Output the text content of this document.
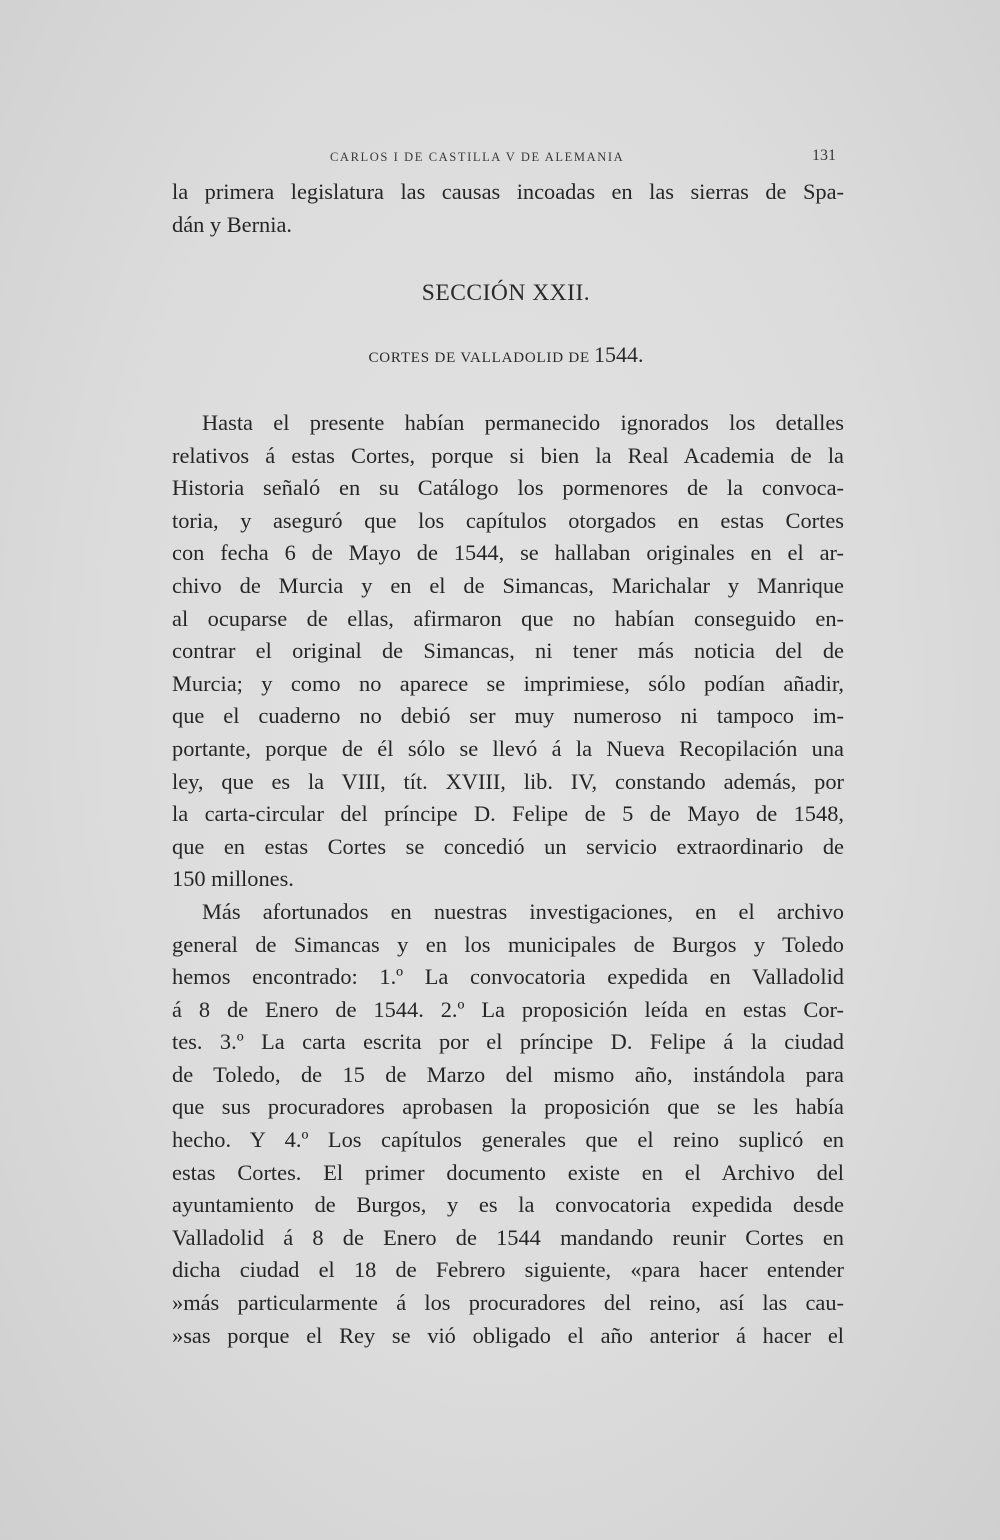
CARLOS I DE CASTILLA V DE ALEMANIA	131
la primera legislatura las causas incoadas en las sierras de Spa-
dán y Bernia.
SECCIÓN XXII.
CORTES DE VALLADOLID DE 1544.
Hasta el presente habían permanecido ignorados los detalles
relativos á estas Cortes, porque si bien la Real Academia de la
Historia señaló en su Catálogo los pormenores de la convoca-
toria, y aseguró que los capítulos otorgados en estas Cortes
con fecha 6 de Mayo de 1544, se hallaban originales en el ar-
chivo de Murcia y en el de Simancas, Marichalar y Manrique
al ocuparse de ellas, afirmaron que no habían conseguido en-
contrar el original de Simancas, ni tener más noticia del de
Murcia; y como no aparece se imprimiese, sólo podían añadir,
que el cuaderno no debió ser muy numeroso ni tampoco im-
portante, porque de él sólo se llevó á la Nueva Recopilación una
ley, que es la VIII, tít. XVIII, lib. IV, constando además, por
la carta-circular del príncipe D. Felipe de 5 de Mayo de 1548,
que en estas Cortes se concedió un servicio extraordinario de
150 millones.
Más afortunados en nuestras investigaciones, en el archivo
general de Simancas y en los municipales de Burgos y Toledo
hemos encontrado: 1.º La convocatoria expedida en Valladolid
á 8 de Enero de 1544. 2.º La proposición leída en estas Cor-
tes. 3.º La carta escrita por el príncipe D. Felipe á la ciudad
de Toledo, de 15 de Marzo del mismo año, instándola para
que sus procuradores aprobasen la proposición que se les había
hecho. Y 4.º Los capítulos generales que el reino suplicó en
estas Cortes. El primer documento existe en el Archivo del
ayuntamiento de Burgos, y es la convocatoria expedida desde
Valladolid á 8 de Enero de 1544 mandando reunir Cortes en
dicha ciudad el 18 de Febrero siguiente, «para hacer entender
»más particularmente á los procuradores del reino, así las cau-
»sas porque el Rey se vió obligado el año anterior á hacer el
